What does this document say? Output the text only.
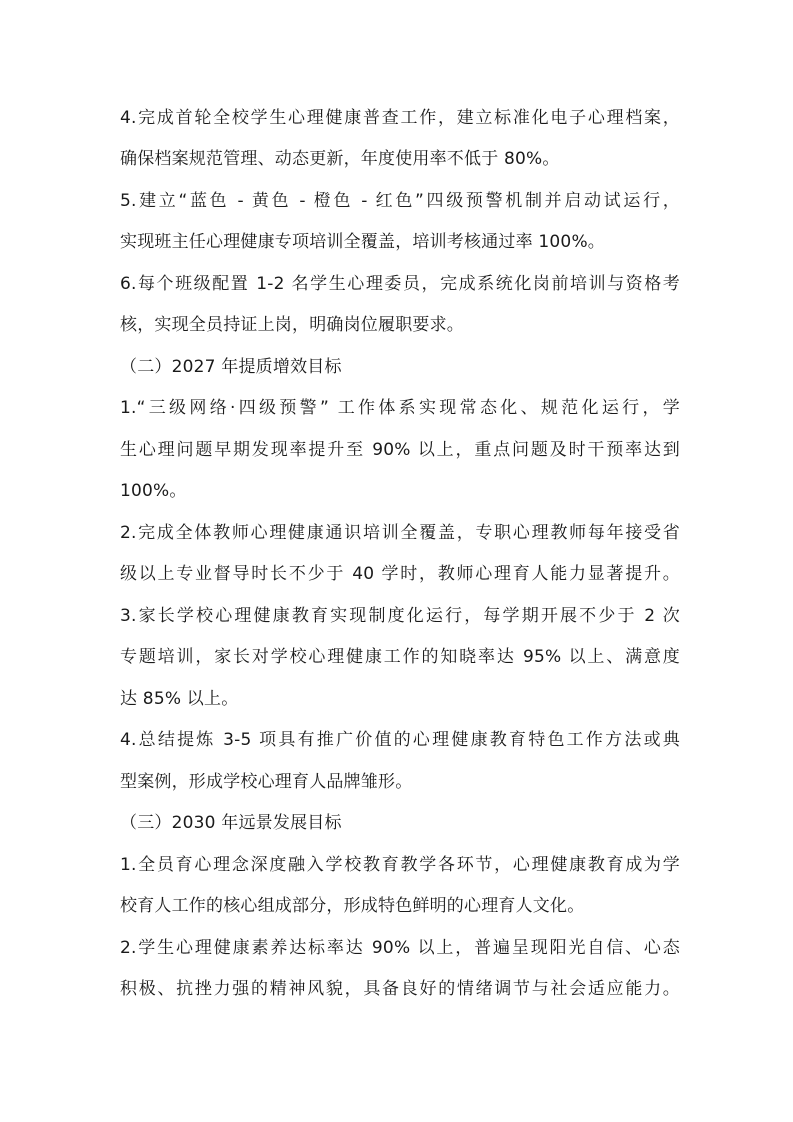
4.完成首轮全校学生心理健康普查工作，建立标准化电子心理档案，
确保档案规范管理、动态更新，年度使用率不低于 80%。
5.建立“蓝色 - 黄色 - 橙色 - 红色”四级预警机制并启动试运行，
实现班主任心理健康专项培训全覆盖，培训考核通过率 100%。
6.每个班级配置 1-2 名学生心理委员，完成系统化岗前培训与资格考
核，实现全员持证上岗，明确岗位履职要求。
（二）2027 年提质增效目标
1.“三级网络·四级预警” 工作体系实现常态化、规范化运行，学
生心理问题早期发现率提升至 90% 以上，重点问题及时干预率达到
100%。
2.完成全体教师心理健康通识培训全覆盖，专职心理教师每年接受省
级以上专业督导时长不少于 40 学时，教师心理育人能力显著提升。
3.家长学校心理健康教育实现制度化运行，每学期开展不少于 2 次
专题培训，家长对学校心理健康工作的知晓率达 95% 以上、满意度
达 85% 以上。
4.总结提炼 3-5 项具有推广价值的心理健康教育特色工作方法或典
型案例，形成学校心理育人品牌雏形。
（三）2030 年远景发展目标
1.全员育心理念深度融入学校教育教学各环节，心理健康教育成为学
校育人工作的核心组成部分，形成特色鲜明的心理育人文化。
2.学生心理健康素养达标率达 90% 以上，普遍呈现阳光自信、心态
积极、抗挫力强的精神风貌，具备良好的情绪调节与社会适应能力。
